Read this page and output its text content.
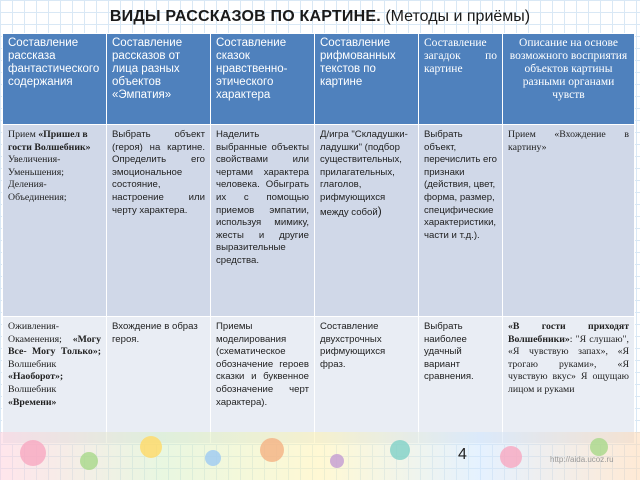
ВИДЫ РАССКАЗОВ ПО КАРТИНЕ. (Методы и приёмы)
Составление рассказа фантастического содержания	Составление рассказов от лица разных объектов «Эмпатия»	Составление сказок нравственно-этического характера	Составление рифмованных текстов по картине	Составление загадок по картине	Описание на основе возможного восприятия объектов картины разными органами чувств
Прием «Пришел в гости Волшебник» Увеличения-Уменьшения; Деления-Объединения;	Выбрать объект (героя) на картине. Определить его эмоциональное состояние, настроение или черту характера.	Наделить выбранные объекты свойствами или чертами характера человека. Обыграть их с помощью приемов эмпатии, используя мимику, жесты и другие выразительные средства.	Д/игра "Складушки-ладушки" (подбор существительных, прилагательных, глаголов, рифмующихся между собой)	Выбрать объект, перечислить его признаки (действия, цвет, форма, размер, специфические характеристики, части и т.д.).	Прием «Вхождение в картину»
Оживления-Окаменения; «Могу Все- Могу Только»; Волшебник «Наоборот»; Волшебник «Времени»	Вхождение в образ героя.	Приемы моделирования (схематическое обозначение героев сказки и буквенное обозначение черт характера).	Составление двухстрочных рифмующихся фраз.	Выбрать наиболее удачный вариант сравнения.	«В гости приходят Волшебники»: "Я слушаю", «Я чувствую запах», «Я трогаю руками», «Я чувствую вкус» Я ощущаю лицом и руками
4	http://aida.ucoz.ru
